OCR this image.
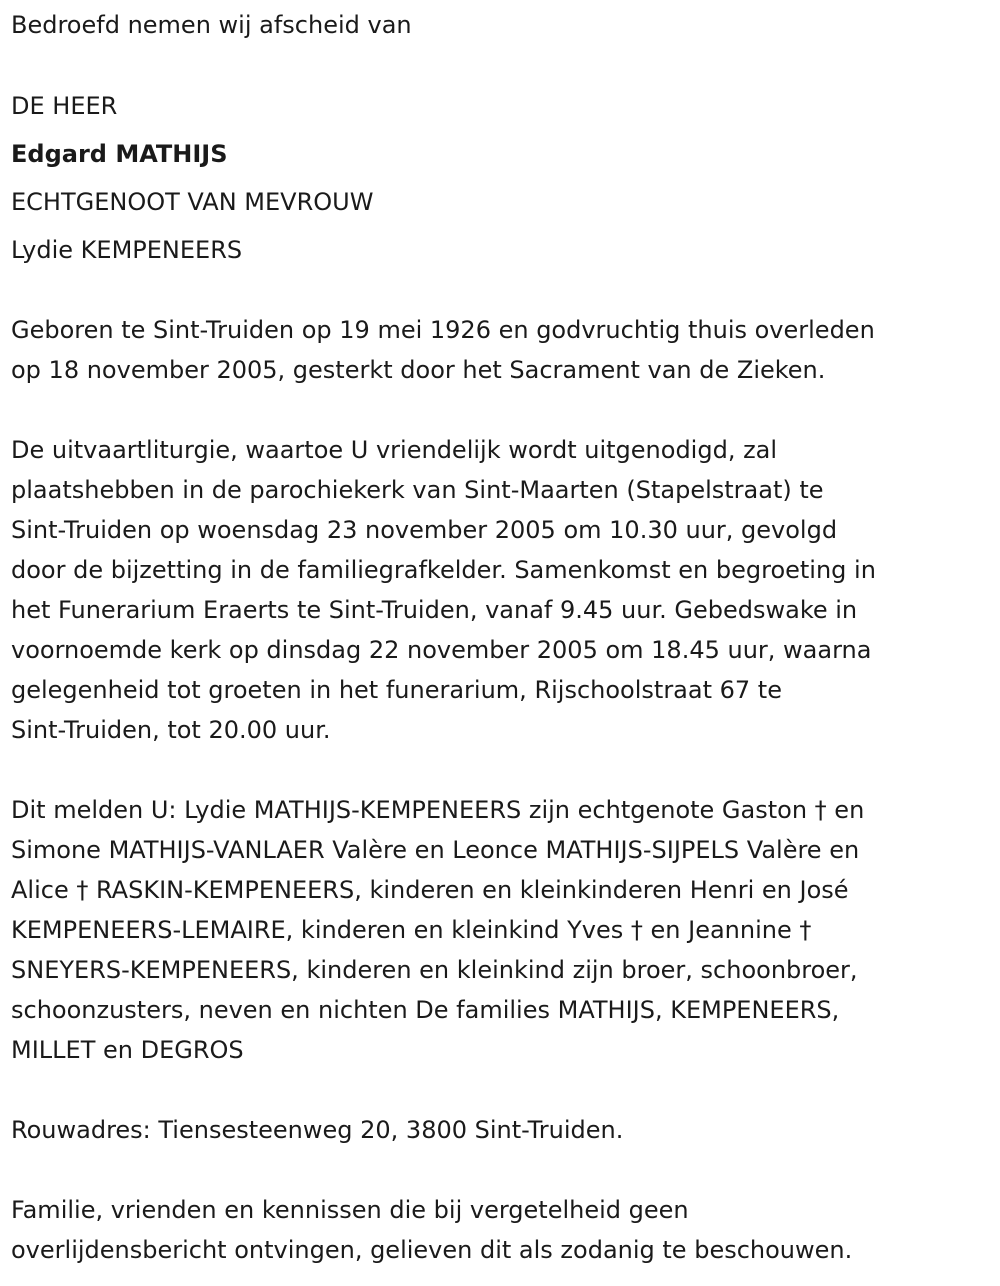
Bedroefd nemen wij afscheid van

DE HEER

Edgard MATHIJS

ECHTGENOOT VAN MEVROUW

Lydie KEMPENEERS

Geboren te Sint-Truiden op 19 mei 1926 en godvruchtig thuis overleden

op 18 november 2005, gesterkt door het Sacrament van de Zieken.

De uitvaartliturgie, waartoe U vriendelijk wordt uitgenodigd, zal

plaatshebben in de parochiekerk van Sint-Maarten (Stapelstraat) te

Sint-Truiden op woensdag 23 november 2005 om 10.30 uur, gevolgd

door de bijzetting in de familiegrafkelder. Samenkomst en begroeting in

het Funerarium Eraerts te Sint-Truiden, vanaf 9.45 uur. Gebedswake in

voornoemde kerk op dinsdag 22 november 2005 om 18.45 uur, waarna

gelegenheid tot groeten in het funerarium, Rijschoolstraat 67 te

Sint-Truiden, tot 20.00 uur.

Dit melden U: Lydie MATHIJS-KEMPENEERS zijn echtgenote Gaston † en

Simone MATHIJS-VANLAER Valère en Leonce MATHIJS-SIJPELS Valère en

Alice † RASKIN-KEMPENEERS, kinderen en kleinkinderen Henri en José

KEMPENEERS-LEMAIRE, kinderen en kleinkind Yves † en Jeannine †

SNEYERS-KEMPENEERS, kinderen en kleinkind zijn broer, schoonbroer,

schoonzusters, neven en nichten De families MATHIJS, KEMPENEERS,

MILLET en DEGROS

Rouwadres: Tiensesteenweg 20, 3800 Sint-Truiden.

Familie, vrienden en kennissen die bij vergetelheid geen

overlijdensbericht ontvingen, gelieven dit als zodanig te beschouwen.
